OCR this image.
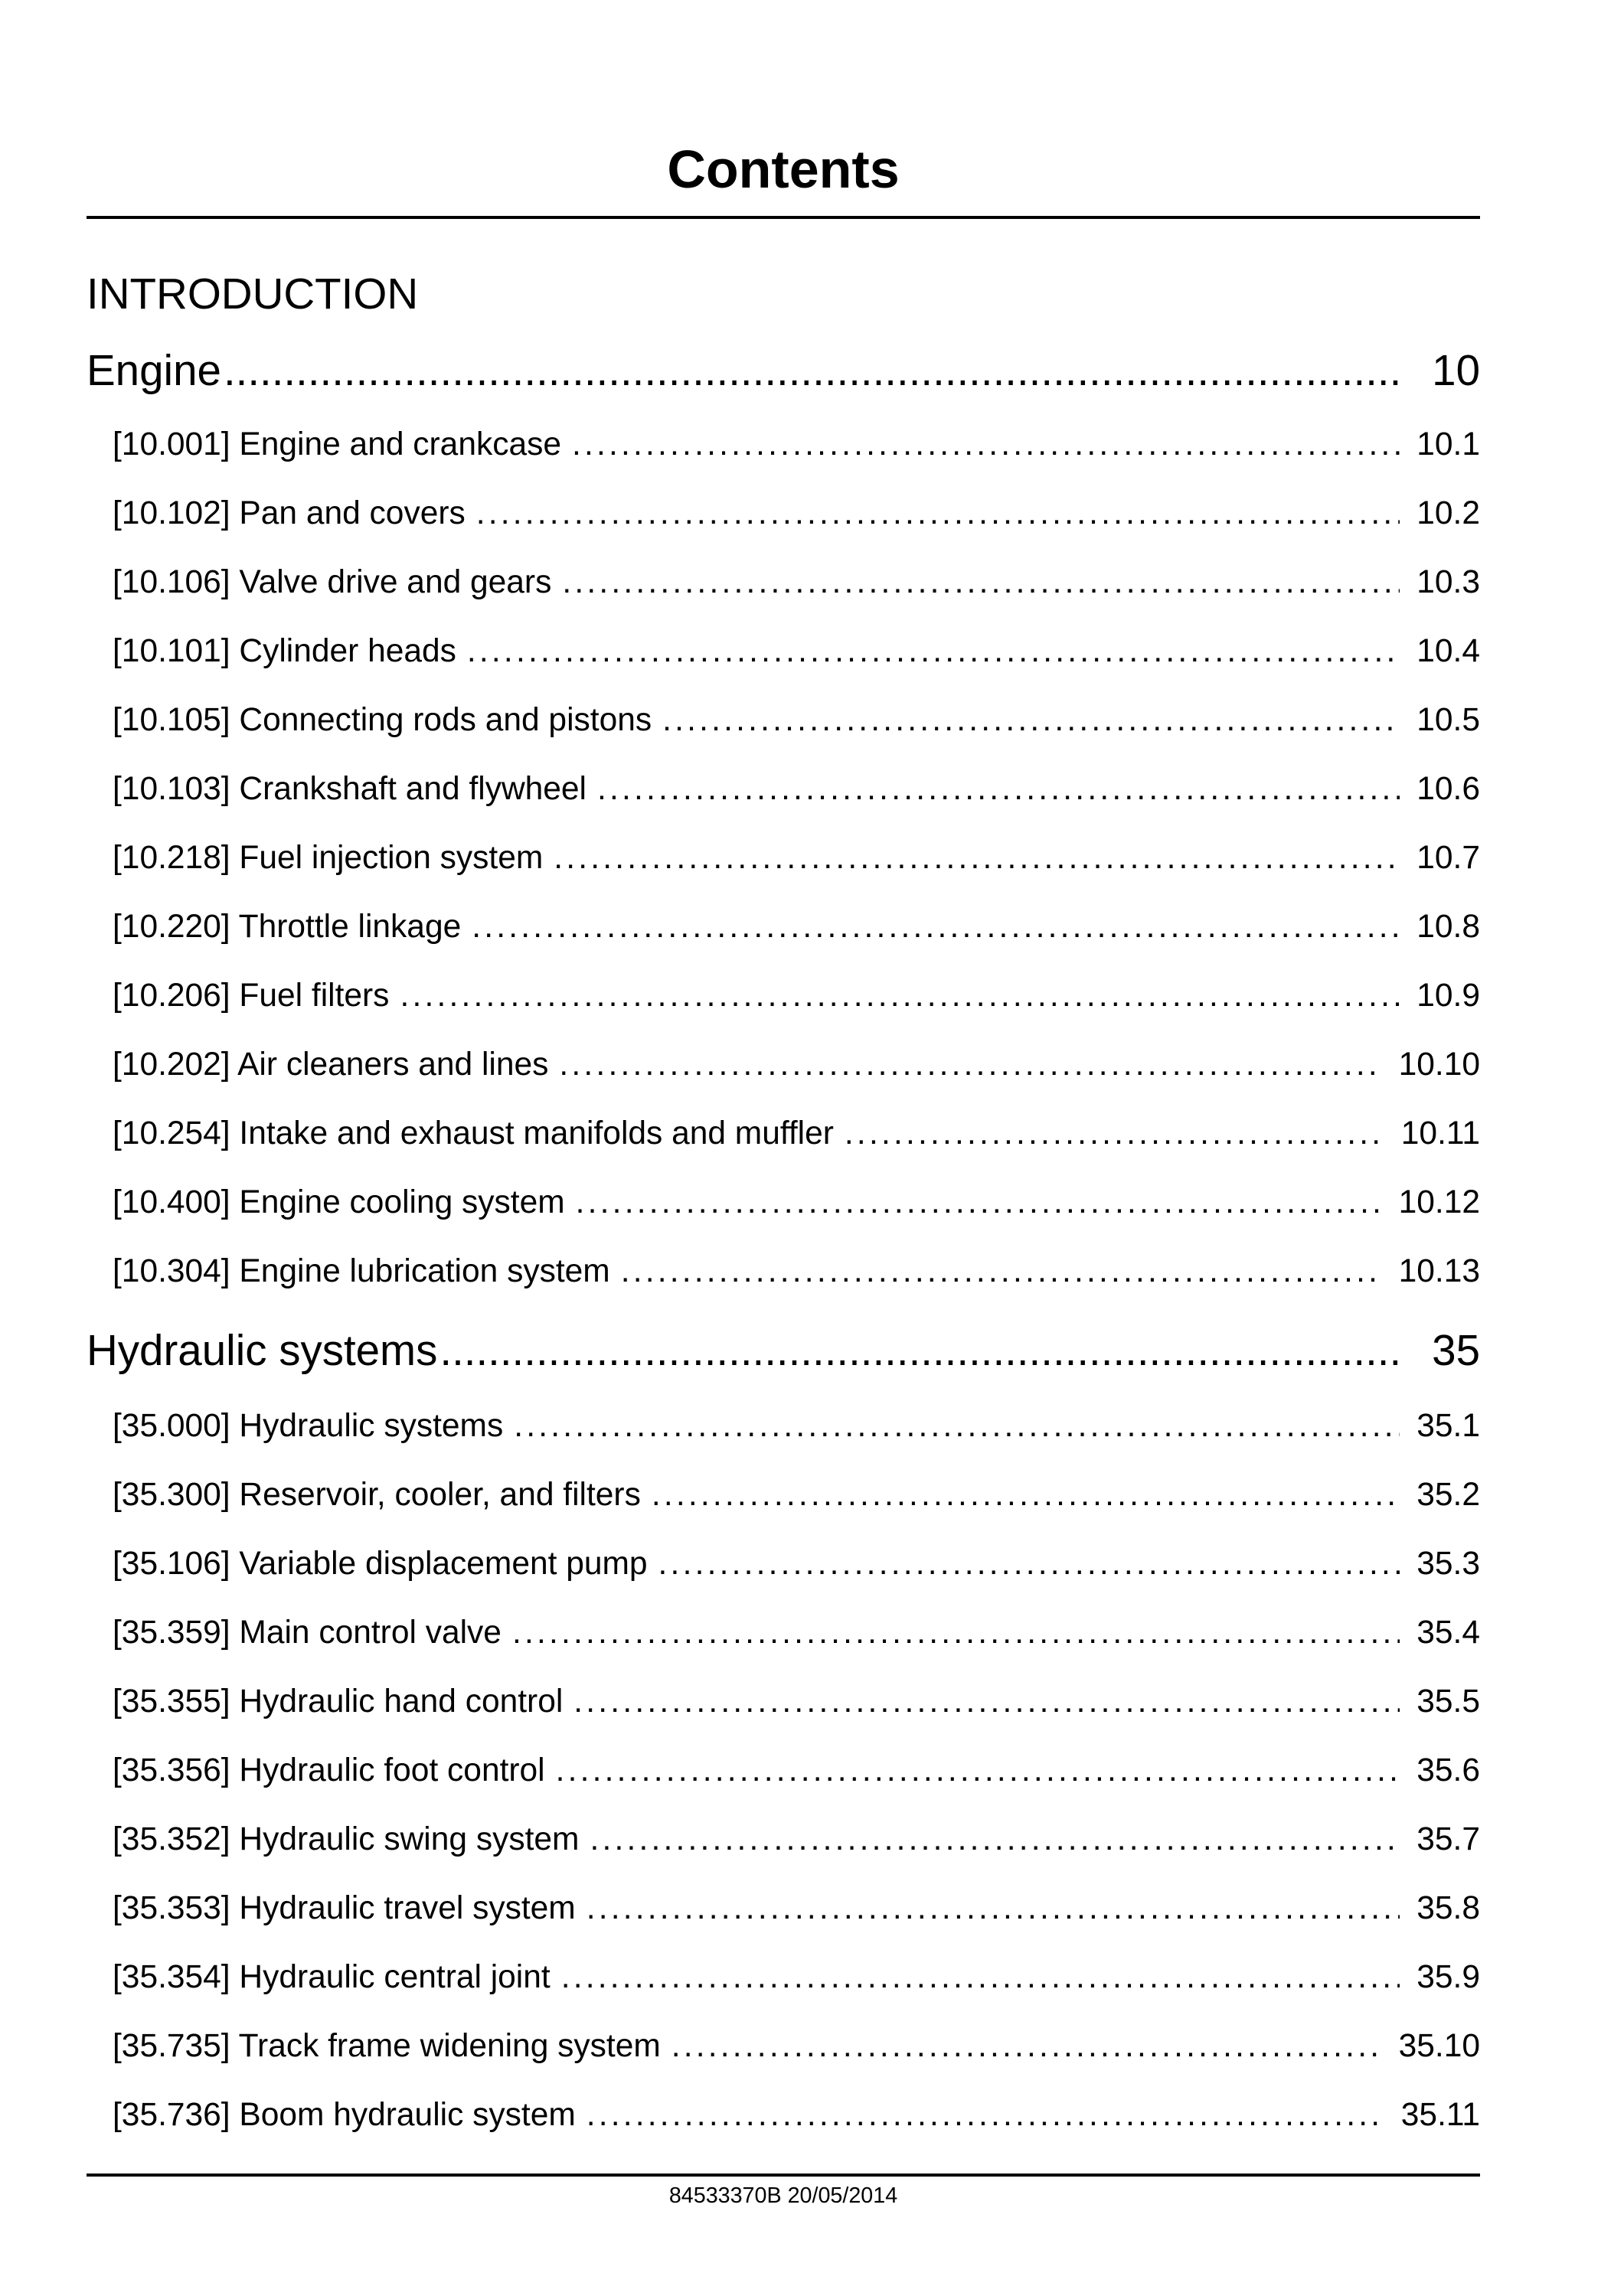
Contents
INTRODUCTION
Engine .....	10
[10.001] Engine and crankcase .....	10.1
[10.102] Pan and covers .....	10.2
[10.106] Valve drive and gears .....	10.3
[10.101] Cylinder heads .....	10.4
[10.105] Connecting rods and pistons .....	10.5
[10.103] Crankshaft and flywheel .....	10.6
[10.218] Fuel injection system .....	10.7
[10.220] Throttle linkage .....	10.8
[10.206] Fuel filters .....	10.9
[10.202] Air cleaners and lines .....	10.10
[10.254] Intake and exhaust manifolds and muffler .....	10.11
[10.400] Engine cooling system .....	10.12
[10.304] Engine lubrication system .....	10.13
Hydraulic systems .....	35
[35.000] Hydraulic systems .....	35.1
[35.300] Reservoir, cooler, and filters .....	35.2
[35.106] Variable displacement pump .....	35.3
[35.359] Main control valve .....	35.4
[35.355] Hydraulic hand control .....	35.5
[35.356] Hydraulic foot control .....	35.6
[35.352] Hydraulic swing system .....	35.7
[35.353] Hydraulic travel system .....	35.8
[35.354] Hydraulic central joint .....	35.9
[35.735] Track frame widening system .....	35.10
[35.736] Boom hydraulic system .....	35.11
84533370B 20/05/2014
